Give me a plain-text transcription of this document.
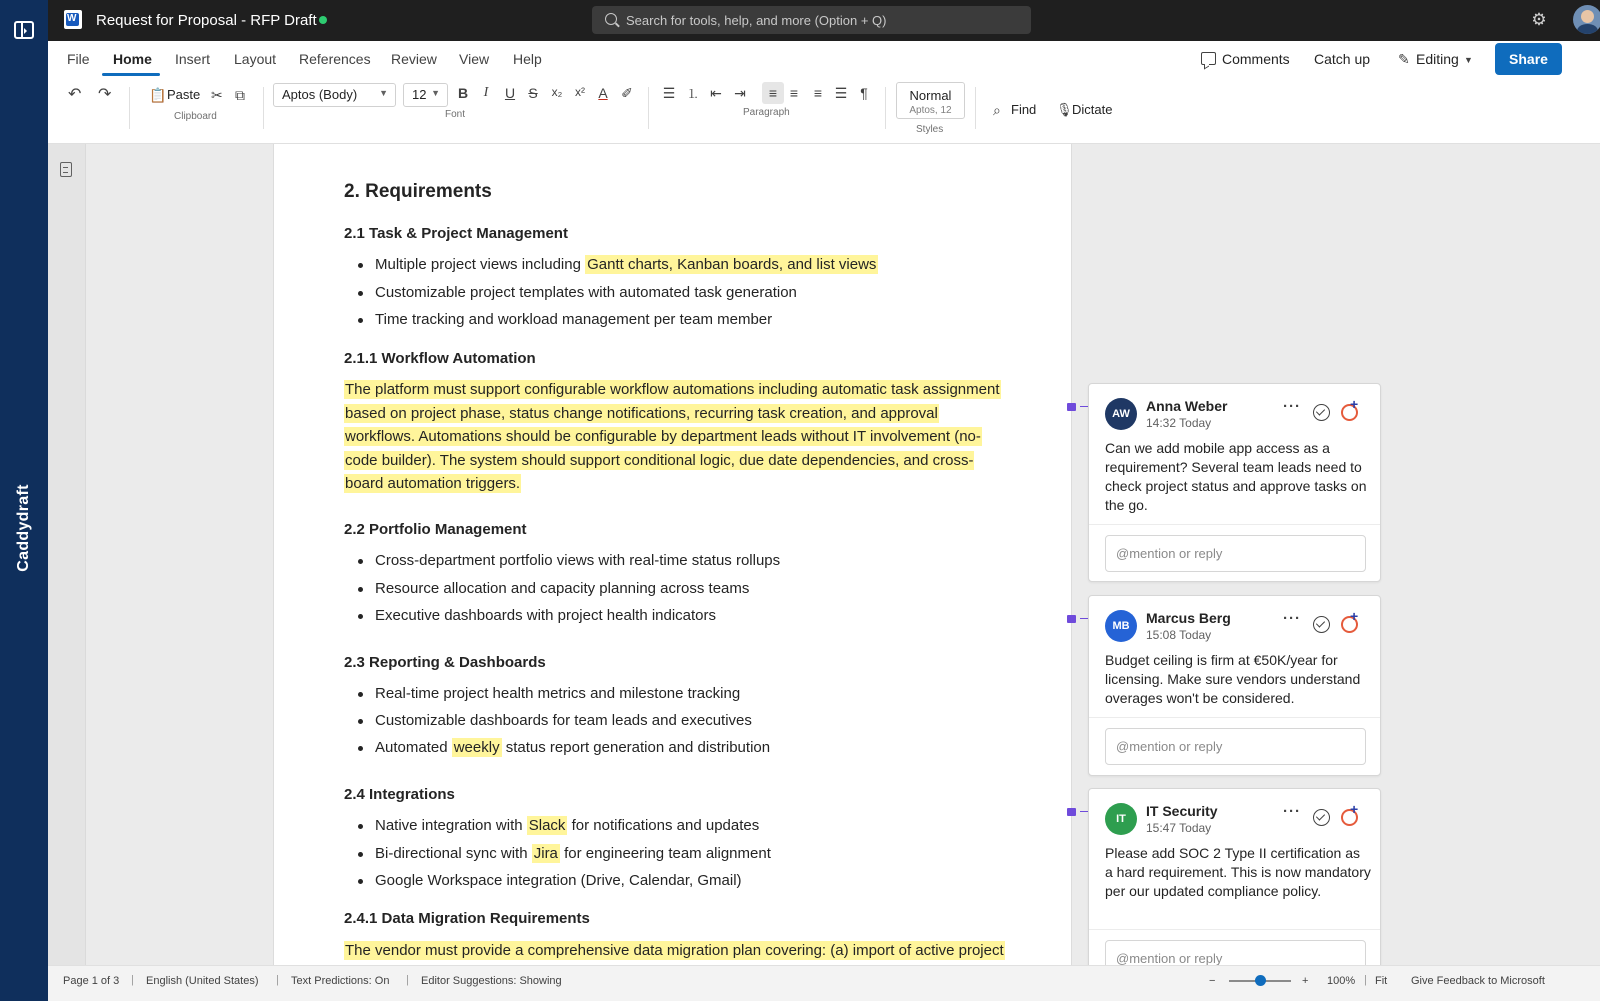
Caddydraft
W
Request for Proposal - RFP Draft	Search for tools, help, and more (Option + Q)	⚙
File Home Insert Layout References Review View Help	Comments Catch up ✎ Editing ▼	Share
↶ ↷	📋 Paste ✂ ⧉
Clipboard
Aptos (Body) ▼	12 ▼ B	I	U S x₂ x² A ✐
Font
☰ ⒈ ⇤ ⇥ ≡ ≡ ≡ ☰ ¶
Paragraph
Normal
Aptos, 12
Styles
⌕ Find 🎙 Dictate
2. Requirements
2.1 Task & Project Management
Multiple project views including Gantt charts, Kanban boards, and list views
Customizable project templates with automated task generation
Time tracking and workload management per team member
2.1.1 Workflow Automation
The platform must support configurable workflow automations including automatic task assignment
based on project phase, status change notifications, recurring task creation, and approval
workflows. Automations should be configurable by department leads without IT involvement (no-
code builder). The system should support conditional logic, due date dependencies, and cross-
board automation triggers.
2.2 Portfolio Management
Cross-department portfolio views with real-time status rollups
Resource allocation and capacity planning across teams
Executive dashboards with project health indicators
2.3 Reporting & Dashboards
Real-time project health metrics and milestone tracking
Customizable dashboards for team leads and executives
Automated weekly status report generation and distribution
2.4 Integrations
Native integration with Slack for notifications and updates
Bi-directional sync with Jira for engineering team alignment
Google Workspace integration (Drive, Calendar, Gmail)
2.4.1 Data Migration Requirements
The vendor must provide a comprehensive data migration plan covering: (a) import of active project
AW	Anna Weber
14:32 Today
···
+
Can we add mobile app access as a requirement? Several team leads need to check project status and approve tasks on the go.
@mention or reply
MB	Marcus Berg
15:08 Today
···
+
Budget ceiling is firm at €50K/year for licensing. Make sure vendors understand overages won't be considered.
@mention or reply
IT	IT Security
15:47 Today
···
+
Please add SOC 2 Type II certification as a hard requirement. This is now mandatory per our updated compliance policy.
@mention or reply
Page 1 of 3 | English (United States) | Text Predictions: On | Editor Suggestions: Showing	−	+ 100% | Fit Give Feedback to Microsoft
